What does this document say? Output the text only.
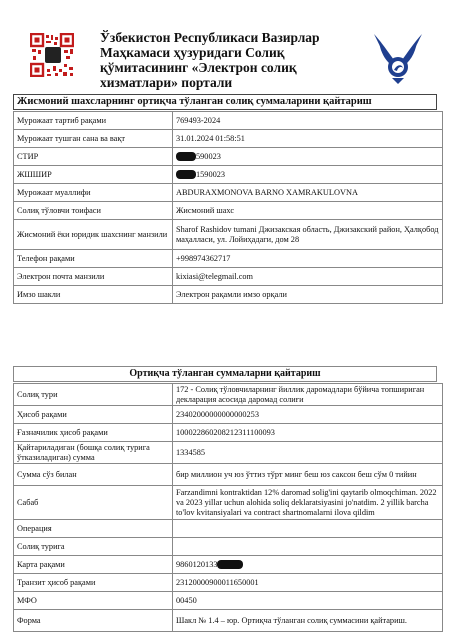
Ўзбекистон Республикаси Вазирлар Маҳкамаси ҳузуридаги Солиқ қўмитасининг «Электрон солиқ хизматлари» портали
Жисмоний шахсларнинг ортиқча тўланган солиқ суммаларини қайтариш
Мурожаат тартиб рақами	769493-2024
Мурожаат тушган сана ва вақт	31.01.2024 01:58:51
СТИР	590023
ЖШШИР	1590023
Мурожаат муаллифи	ABDURAXMONOVA BARNO XAMRAKULOVNA
Солиқ тўловчи тоифаси	Жисмоний шахс
Жисмоний ёки юридик шахснинг манзили	Sharof Rashidov tumani Джизакская область, Джизакский район, Ҳалқобод маҳалласи, ул. Лойиҳадаги, дом 28
Телефон рақами	+998974362717
Электрон почта манзили	kixiasi@telegmail.com
Имзо шакли	Электрон рақамли имзо орқали
Ортиқча тўланган суммаларни қайтариш
Солиқ тури	172 - Солиқ тўловчиларнинг йиллик даромадлари бўйича топшириган декларация асосида даромад солиғи
Ҳисоб рақами	23402000000000000253
Ғазначилик ҳисоб рақами	100022860208212311100093
Қайтариладиган (бошқа солиқ турига ўтказиладиган) сумма	1334585
Сумма сўз билан	бир миллион уч юз ўттиз тўрт минг беш юз саксон беш сўм 0 тийин
Сабаб	Farzandimni kontraktidan 12% daromad solig'ini qaytarib olmoqchiman. 2022 va 2023 yillar uchun alohida soliq deklaratsiyasini jo'natdim. 2 yillik barcha to'lov kvitansiyalari va contract shartnomalarni ilova qildim
Операция	
Солиқ турига	
Карта рақами	9860120133
Транзит ҳисоб рақами	23120000900011650001
МФО	00450
Форма	Шакл № 1.4 – юр. Ортиқча тўланган солиқ суммасини қайтариш.
